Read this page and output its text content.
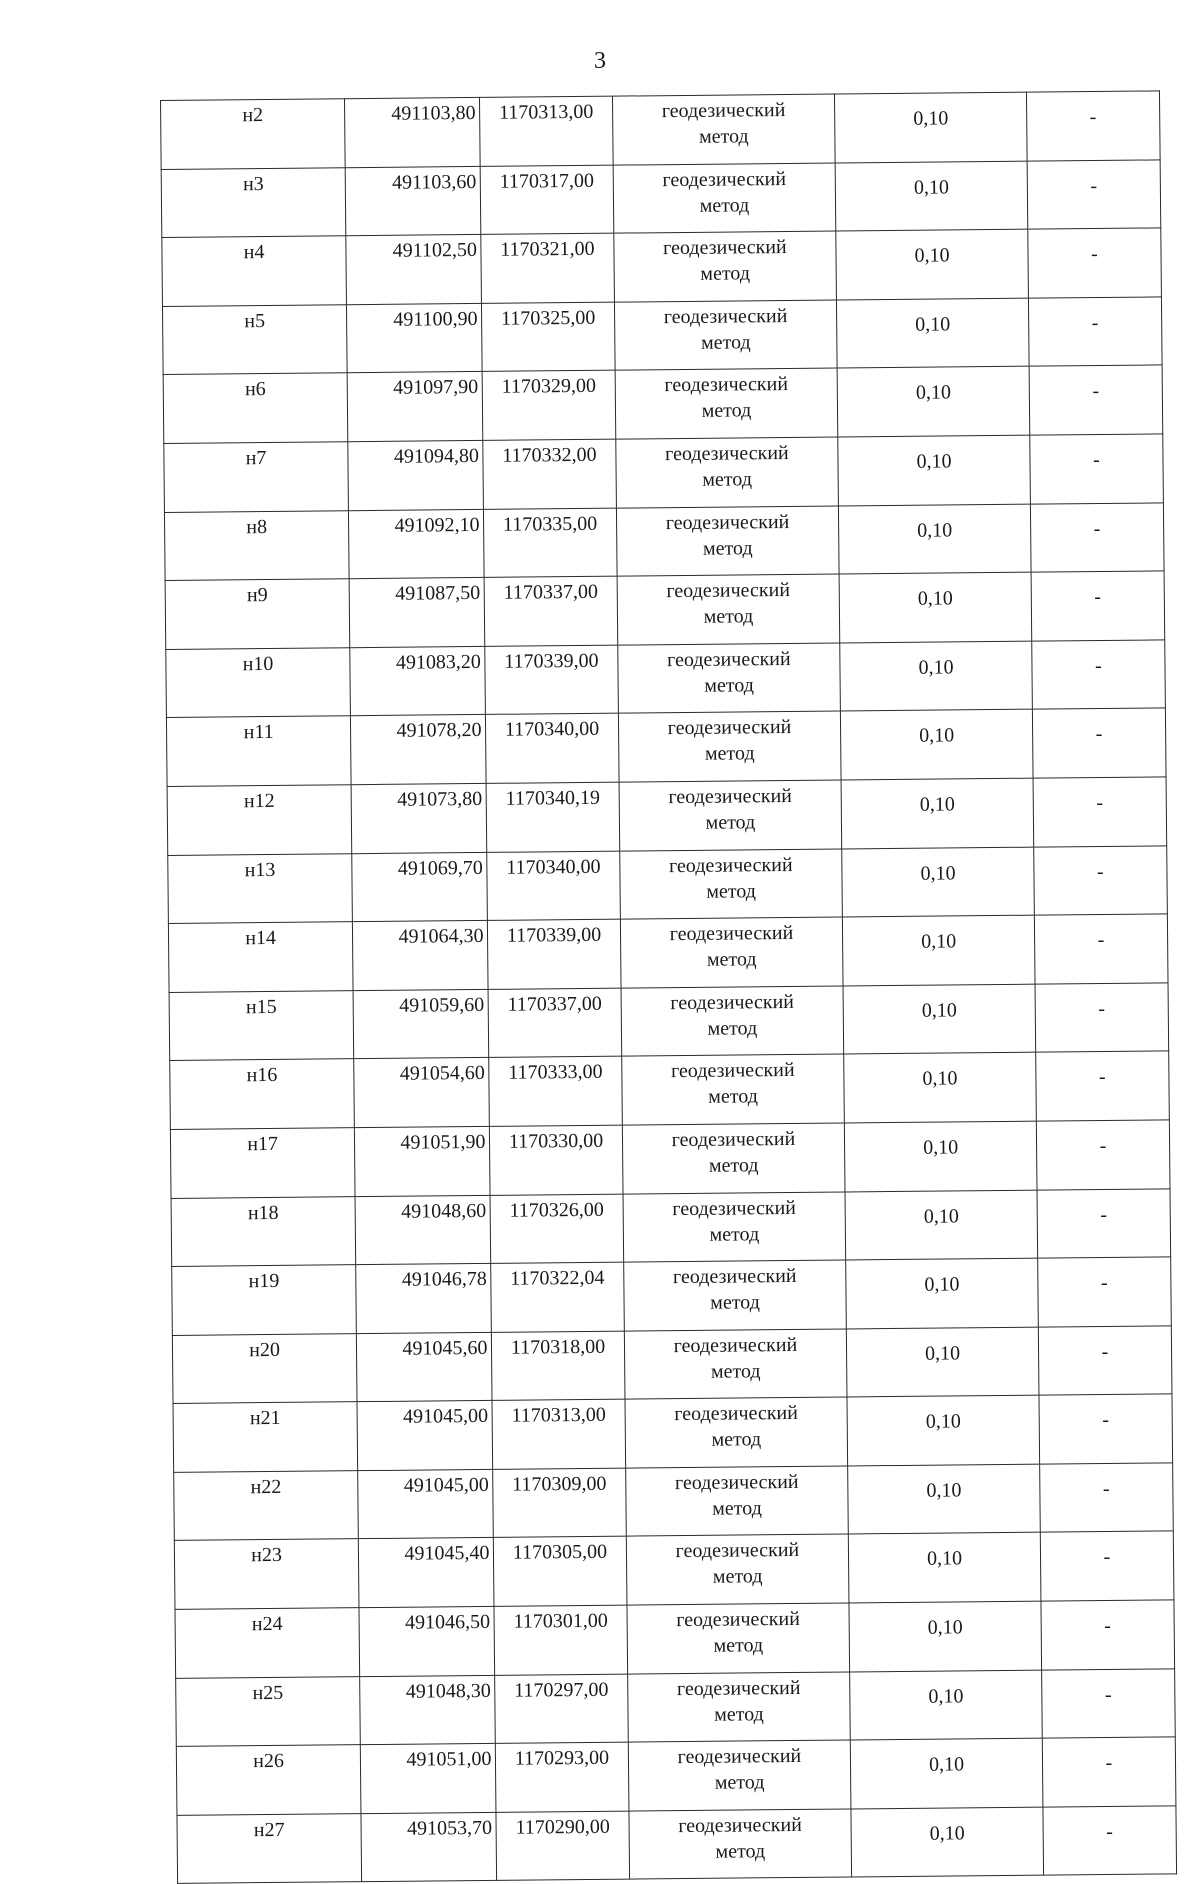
3
н2	491103,80	1170313,00	геодезический
метод	0,10	-
н3	491103,60	1170317,00	геодезический
метод	0,10	-
н4	491102,50	1170321,00	геодезический
метод	0,10	-
н5	491100,90	1170325,00	геодезический
метод	0,10	-
н6	491097,90	1170329,00	геодезический
метод	0,10	-
н7	491094,80	1170332,00	геодезический
метод	0,10	-
н8	491092,10	1170335,00	геодезический
метод	0,10	-
н9	491087,50	1170337,00	геодезический
метод	0,10	-
н10	491083,20	1170339,00	геодезический
метод	0,10	-
н11	491078,20	1170340,00	геодезический
метод	0,10	-
н12	491073,80	1170340,19	геодезический
метод	0,10	-
н13	491069,70	1170340,00	геодезический
метод	0,10	-
н14	491064,30	1170339,00	геодезический
метод	0,10	-
н15	491059,60	1170337,00	геодезический
метод	0,10	-
н16	491054,60	1170333,00	геодезический
метод	0,10	-
н17	491051,90	1170330,00	геодезический
метод	0,10	-
н18	491048,60	1170326,00	геодезический
метод	0,10	-
н19	491046,78	1170322,04	геодезический
метод	0,10	-
н20	491045,60	1170318,00	геодезический
метод	0,10	-
н21	491045,00	1170313,00	геодезический
метод	0,10	-
н22	491045,00	1170309,00	геодезический
метод	0,10	-
н23	491045,40	1170305,00	геодезический
метод	0,10	-
н24	491046,50	1170301,00	геодезический
метод	0,10	-
н25	491048,30	1170297,00	геодезический
метод	0,10	-
н26	491051,00	1170293,00	геодезический
метод	0,10	-
н27	491053,70	1170290,00	геодезический
метод	0,10	-
